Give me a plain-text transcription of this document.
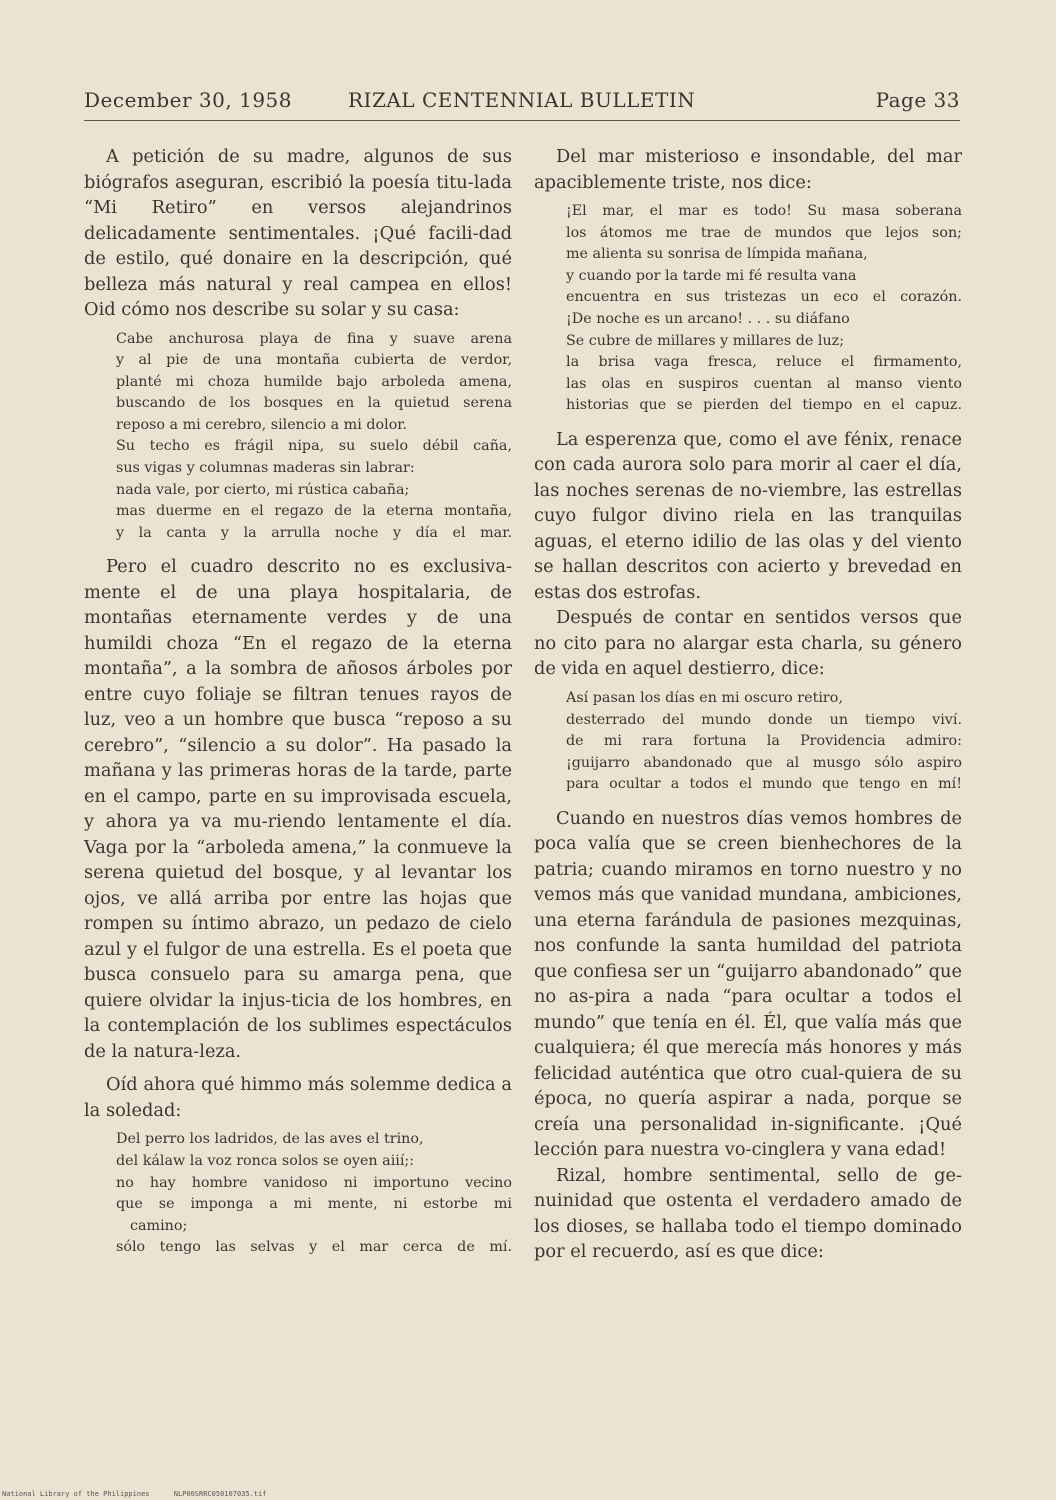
December 30, 1958	RIZAL CENTENNIAL BULLETIN	Page 33

A petición de su madre, algunos de sus biógrafos aseguran, escribió la poesía titu-lada “Mi Retiro” en versos alejandrinos delicadamente sentimentales. ¡Qué facili-dad de estilo, qué donaire en la descripción, qué belleza más natural y real campea en ellos! Oid cómo nos describe su solar y su casa:

Cabe anchurosa playa de fina y suave arena
y al pie de una montaña cubierta de verdor,
planté mi choza humilde bajo arboleda amena,
buscando de los bosques en la quietud serena
reposo a mi cerebro, silencio a mi dolor.
Su techo es frágil nipa, su suelo débil caña,
sus vigas y columnas maderas sin labrar:
nada vale, por cierto, mi rústica cabaña;
mas duerme en el regazo de la eterna montaña,
y la canta y la arrulla noche y día el mar.

Pero el cuadro descrito no es exclusiva-mente el de una playa hospitalaria, de montañas eternamente verdes y de una humildi choza “En el regazo de la eterna montaña”, a la sombra de añosos árboles por entre cuyo foliaje se filtran tenues rayos de luz, veo a un hombre que busca “reposo a su cerebro”, “silencio a su dolor”. Ha pasado la mañana y las primeras horas de la tarde, parte en el campo, parte en su improvisada escuela, y ahora ya va mu-riendo lentamente el día. Vaga por la “arboleda amena,” la conmueve la serena quietud del bosque, y al levantar los ojos, ve allá arriba por entre las hojas que rompen su íntimo abrazo, un pedazo de cielo azul y el fulgor de una estrella. Es el poeta que busca consuelo para su amarga pena, que quiere olvidar la injus-ticia de los hombres, en la contemplación de los sublimes espectáculos de la natura-leza.

Oíd ahora qué himmo más solemme dedica a la soledad:

Del perro los ladridos, de las aves el trino,
del kálaw la voz ronca solos se oyen aiií;:
no hay hombre vanidoso ni importuno vecino
que se imponga a mi mente, ni estorbe mi
camino;
sólo tengo las selvas y el mar cerca de mí.

Del mar misterioso e insondable, del mar apaciblemente triste, nos dice:

¡El mar, el mar es todo! Su masa soberana
los átomos me trae de mundos que lejos son;
me alienta su sonrisa de límpida mañana,
y cuando por la tarde mi fé resulta vana
encuentra en sus tristezas un eco el corazón.
¡De noche es un arcano! . . . su diáfano
Se cubre de millares y millares de luz;
la brisa vaga fresca, reluce el firmamento,
las olas en suspiros cuentan al manso viento
historias que se pierden del tiempo en el capuz.

La esperenza que, como el ave fénix, renace con cada aurora solo para morir al caer el día, las noches serenas de no-viembre, las estrellas cuyo fulgor divino riela en las tranquilas aguas, el eterno idilio de las olas y del viento se hallan descritos con acierto y brevedad en estas dos estrofas.

Después de contar en sentidos versos que no cito para no alargar esta charla, su género de vida en aquel destierro, dice:

Así pasan los días en mi oscuro retiro,
desterrado del mundo donde un tiempo viví.
de mi rara fortuna la Providencia admiro:
¡guijarro abandonado que al musgo sólo aspiro
para ocultar a todos el mundo que tengo en mí!

Cuando en nuestros días vemos hombres de poca valía que se creen bienhechores de la patria; cuando miramos en torno nuestro y no vemos más que vanidad mundana, ambiciones, una eterna farándula de pasiones mezquinas, nos confunde la santa humildad del patriota que confiesa ser un “guijarro abandonado” que no as-pira a nada “para ocultar a todos el mundo” que tenía en él. Él, que valía más que cualquiera; él que merecía más honores y más felicidad auténtica que otro cual-quiera de su época, no quería aspirar a nada, porque se creía una personalidad in-significante. ¡Qué lección para nuestra vo-cinglera y vana edad!

Rizal, hombre sentimental, sello de ge-nuinidad que ostenta el verdadero amado de los dioses, se hallaba todo el tiempo dominado por el recuerdo, así es que dice:

National Library of the Philippines	NLP00SRRC050107035.tif
